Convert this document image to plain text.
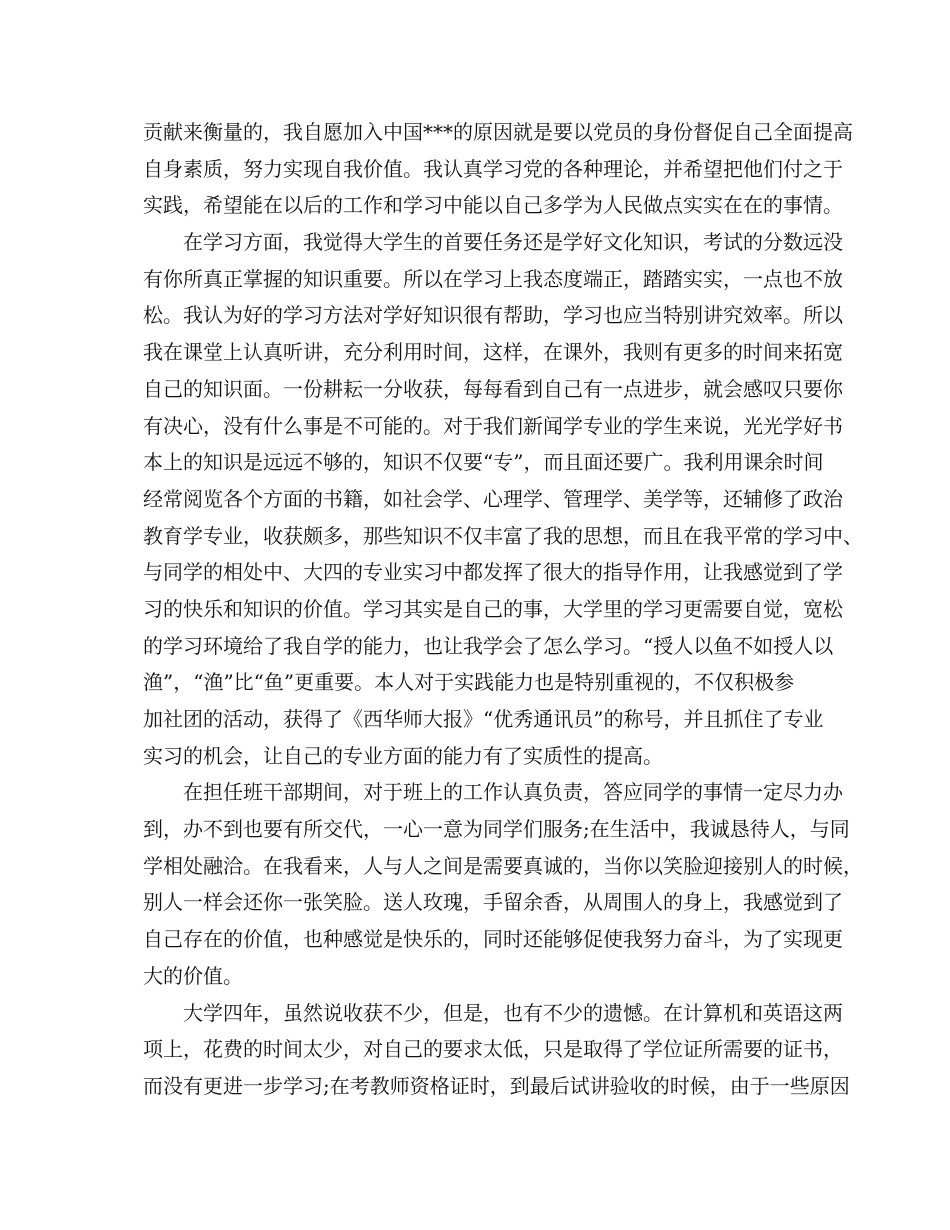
贡献来衡量的，我自愿加入中国***的原因就是要以党员的身份督促自己全面提高
自身素质，努力实现自我价值。我认真学习党的各种理论，并希望把他们付之于
实践，希望能在以后的工作和学习中能以自己多学为人民做点实实在在的事情。
在学习方面，我觉得大学生的首要任务还是学好文化知识，考试的分数远没
有你所真正掌握的知识重要。所以在学习上我态度端正，踏踏实实，一点也不放
松。我认为好的学习方法对学好知识很有帮助，学习也应当特别讲究效率。所以
我在课堂上认真听讲，充分利用时间，这样，在课外，我则有更多的时间来拓宽
自己的知识面。一份耕耘一分收获，每每看到自己有一点进步，就会感叹只要你
有决心，没有什么事是不可能的。对于我们新闻学专业的学生来说，光光学好书
本上的知识是远远不够的，知识不仅要“专”，而且面还要广。我利用课余时间
经常阅览各个方面的书籍，如社会学、心理学、管理学、美学等，还辅修了政治
教育学专业，收获颇多，那些知识不仅丰富了我的思想，而且在我平常的学习中、
与同学的相处中、大四的专业实习中都发挥了很大的指导作用，让我感觉到了学
习的快乐和知识的价值。学习其实是自己的事，大学里的学习更需要自觉，宽松
的学习环境给了我自学的能力，也让我学会了怎么学习。“授人以鱼不如授人以
渔”，“渔”比“鱼”更重要。本人对于实践能力也是特别重视的，不仅积极参
加社团的活动，获得了《西华师大报》“优秀通讯员”的称号，并且抓住了专业
实习的机会，让自己的专业方面的能力有了实质性的提高。
在担任班干部期间，对于班上的工作认真负责，答应同学的事情一定尽力办
到，办不到也要有所交代，一心一意为同学们服务;在生活中，我诚恳待人，与同
学相处融洽。在我看来，人与人之间是需要真诚的，当你以笑脸迎接别人的时候，
别人一样会还你一张笑脸。送人玫瑰，手留余香，从周围人的身上，我感觉到了
自己存在的价值，也种感觉是快乐的，同时还能够促使我努力奋斗，为了实现更
大的价值。
大学四年，虽然说收获不少，但是，也有不少的遗憾。在计算机和英语这两
项上，花费的时间太少，对自己的要求太低，只是取得了学位证所需要的证书，
而没有更进一步学习;在考教师资格证时，到最后试讲验收的时候，由于一些原因
